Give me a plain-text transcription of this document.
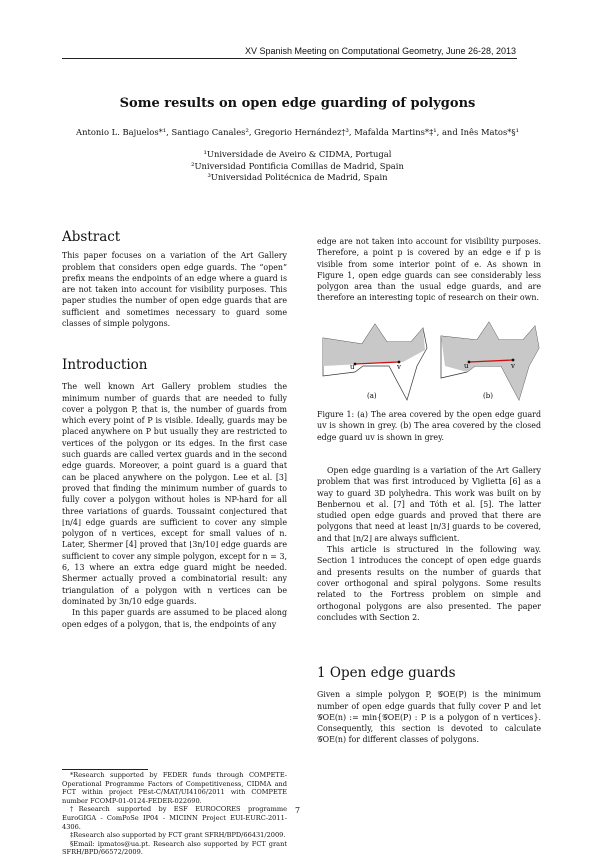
XV Spanish Meeting on Computational Geometry, June 26-28, 2013
Some results on open edge guarding of polygons
Antonio L. Bajuelos*¹, Santiago Canales², Gregorio Hernández†³, Mafalda Martins*‡¹, and Inês Matos*§¹
¹Universidade de Aveiro & CIDMA, Portugal
²Universidad Pontificia Comillas de Madrid, Spain
³Universidad Politécnica de Madrid, Spain
Abstract

This paper focuses on a variation of the Art Gallery problem that considers open edge guards. The “open” prefix means the endpoints of an edge where a guard is are not taken into account for visibility purposes. This paper studies the number of open edge guards that are sufficient and sometimes necessary to guard some classes of simple polygons.

Introduction

The well known Art Gallery problem studies the minimum number of guards that are needed to fully cover a polygon P, that is, the number of guards from which every point of P is visible. Ideally, guards may be placed anywhere on P but usually they are restricted to vertices of the polygon or its edges. In the first case such guards are called vertex guards and in the second edge guards. Moreover, a point guard is a guard that can be placed anywhere on the polygon. Lee et al. [3] proved that finding the minimum number of guards to fully cover a polygon without holes is NP-hard for all three variations of guards. Toussaint conjectured that ⌊n/4⌋ edge guards are sufficient to cover any simple polygon of n vertices, except for small values of n. Later, Shermer [4] proved that ⌊3n/10⌋ edge guards are sufficient to cover any simple polygon, except for n = 3, 6, 13 where an extra edge guard might be needed. Shermer actually proved a combinatorial result: any triangulation of a polygon with n vertices can be dominated by 3n/10 edge guards.

In this paper guards are assumed to be placed along open edges of a polygon, that is, the endpoints of any

*Research supported by FEDER funds through COMPETE-Operational Programme Factors of Competitiveness, CIDMA and FCT within project PEst-C/MAT/UI4106/2011 with COMPETE number FCOMP-01-0124-FEDER-022690.

†Research supported by ESF EUROCORES programme EuroGIGA - ComPoSe IP04 - MICINN Project EUI-EURC-2011-4306.

‡Research also supported by FCT grant SFRH/BPD/66431/2009.

§Email: ipmatos@ua.pt. Research also supported by FCT grant SFRH/BPD/66572/2009.

edge are not taken into account for visibility purposes. Therefore, a point p is covered by an edge e if p is visible from some interior point of e. As shown in Figure 1, open edge guards can see considerably less polygon area than the usual edge guards, and are therefore an interesting topic of research on their own.
u	v
(a)
u	v
(b)
Figure 1: (a) The area covered by the open edge guard uv is shown in grey. (b) The area covered by the closed edge guard uv is shown in grey.

Open edge guarding is a variation of the Art Gallery problem that was first introduced by Viglietta [6] as a way to guard 3D polyhedra. This work was built on by Benbernou et al. [7] and Tóth et al. [5]. The latter studied open edge guards and proved that there are polygons that need at least ⌊n/3⌋ guards to be covered, and that ⌊n/2⌋ are always sufficient.

This article is structured in the following way. Section 1 introduces the concept of open edge guards and presents results on the number of guards that cover orthogonal and spiral polygons. Some results related to the Fortress problem on simple and orthogonal polygons are also presented. The paper concludes with Section 2.

1 Open edge guards

Given a simple polygon P, 𝒢OE(P) is the minimum number of open edge guards that fully cover P and let 𝒢OE(n) := min{𝒢OE(P) : P is a polygon of n vertices}. Consequently, this section is devoted to calculate 𝒢OE(n) for different classes of polygons.

7
